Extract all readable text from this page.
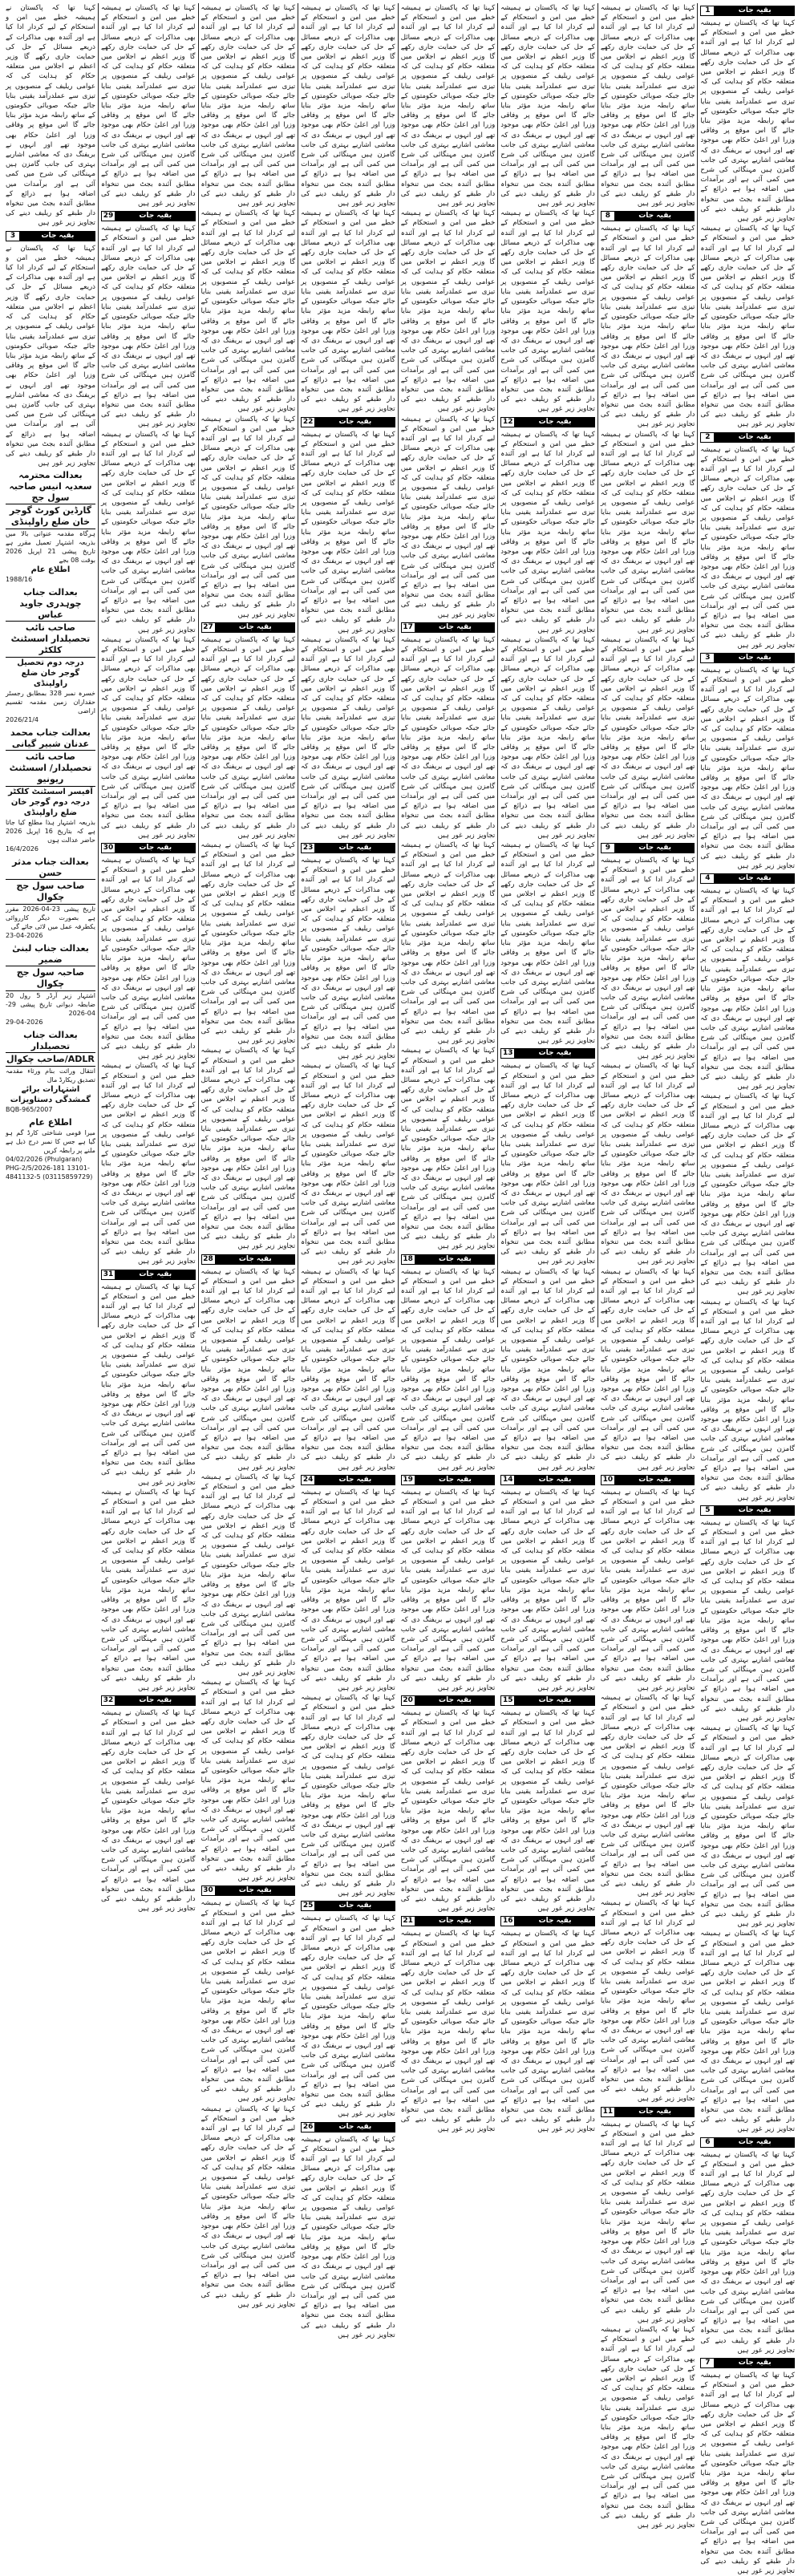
بقیہ جات
1
کہنا تھا کہ پاکستان نے ہمیشہ خطے میں امن و استحکام کے لیے کردار ادا کیا ہے اور آئندہ بھی مذاکرات کے ذریعے مسائل کے حل کی حمایت جاری رکھے گا وزیر اعظم نے اجلاس میں متعلقہ حکام کو ہدایت کی کہ عوامی ریلیف کے منصوبوں پر تیزی سے عملدرآمد یقینی بنایا جائے جبکہ صوبائی حکومتوں کے ساتھ رابطہ مزید مؤثر بنایا جائے گا اس موقع پر وفاقی وزرا اور اعلیٰ حکام بھی موجود تھے اور انہوں نے بریفنگ دی کہ معاشی اشاریے بہتری کی جانب گامزن ہیں مہنگائی کی شرح میں کمی آئی ہے اور برآمدات میں اضافہ ہوا ہے ذرائع کے مطابق آئندہ بجٹ میں تنخواہ دار طبقے کو ریلیف دینے کی تجاویز زیر غور ہیں
کہنا تھا کہ پاکستان نے ہمیشہ خطے میں امن و استحکام کے لیے کردار ادا کیا ہے اور آئندہ بھی مذاکرات کے ذریعے مسائل کے حل کی حمایت جاری رکھے گا وزیر اعظم نے اجلاس میں متعلقہ حکام کو ہدایت کی کہ عوامی ریلیف کے منصوبوں پر تیزی سے عملدرآمد یقینی بنایا جائے جبکہ صوبائی حکومتوں کے ساتھ رابطہ مزید مؤثر بنایا جائے گا اس موقع پر وفاقی وزرا اور اعلیٰ حکام بھی موجود تھے اور انہوں نے بریفنگ دی کہ معاشی اشاریے بہتری کی جانب گامزن ہیں مہنگائی کی شرح میں کمی آئی ہے اور برآمدات میں اضافہ ہوا ہے ذرائع کے مطابق آئندہ بجٹ میں تنخواہ دار طبقے کو ریلیف دینے کی تجاویز زیر غور ہیں
بقیہ جات
2
کہنا تھا کہ پاکستان نے ہمیشہ خطے میں امن و استحکام کے لیے کردار ادا کیا ہے اور آئندہ بھی مذاکرات کے ذریعے مسائل کے حل کی حمایت جاری رکھے گا وزیر اعظم نے اجلاس میں متعلقہ حکام کو ہدایت کی کہ عوامی ریلیف کے منصوبوں پر تیزی سے عملدرآمد یقینی بنایا جائے جبکہ صوبائی حکومتوں کے ساتھ رابطہ مزید مؤثر بنایا جائے گا اس موقع پر وفاقی وزرا اور اعلیٰ حکام بھی موجود تھے اور انہوں نے بریفنگ دی کہ معاشی اشاریے بہتری کی جانب گامزن ہیں مہنگائی کی شرح میں کمی آئی ہے اور برآمدات میں اضافہ ہوا ہے ذرائع کے مطابق آئندہ بجٹ میں تنخواہ دار طبقے کو ریلیف دینے کی تجاویز زیر غور ہیں
بقیہ جات
3
کہنا تھا کہ پاکستان نے ہمیشہ خطے میں امن و استحکام کے لیے کردار ادا کیا ہے اور آئندہ بھی مذاکرات کے ذریعے مسائل کے حل کی حمایت جاری رکھے گا وزیر اعظم نے اجلاس میں متعلقہ حکام کو ہدایت کی کہ عوامی ریلیف کے منصوبوں پر تیزی سے عملدرآمد یقینی بنایا جائے جبکہ صوبائی حکومتوں کے ساتھ رابطہ مزید مؤثر بنایا جائے گا اس موقع پر وفاقی وزرا اور اعلیٰ حکام بھی موجود تھے اور انہوں نے بریفنگ دی کہ معاشی اشاریے بہتری کی جانب گامزن ہیں مہنگائی کی شرح میں کمی آئی ہے اور برآمدات میں اضافہ ہوا ہے ذرائع کے مطابق آئندہ بجٹ میں تنخواہ دار طبقے کو ریلیف دینے کی تجاویز زیر غور ہیں
بقیہ جات
4
کہنا تھا کہ پاکستان نے ہمیشہ خطے میں امن و استحکام کے لیے کردار ادا کیا ہے اور آئندہ بھی مذاکرات کے ذریعے مسائل کے حل کی حمایت جاری رکھے گا وزیر اعظم نے اجلاس میں متعلقہ حکام کو ہدایت کی کہ عوامی ریلیف کے منصوبوں پر تیزی سے عملدرآمد یقینی بنایا جائے جبکہ صوبائی حکومتوں کے ساتھ رابطہ مزید مؤثر بنایا جائے گا اس موقع پر وفاقی وزرا اور اعلیٰ حکام بھی موجود تھے اور انہوں نے بریفنگ دی کہ معاشی اشاریے بہتری کی جانب گامزن ہیں مہنگائی کی شرح میں کمی آئی ہے اور برآمدات میں اضافہ ہوا ہے ذرائع کے مطابق آئندہ بجٹ میں تنخواہ دار طبقے کو ریلیف دینے کی تجاویز زیر غور ہیں
کہنا تھا کہ پاکستان نے ہمیشہ خطے میں امن و استحکام کے لیے کردار ادا کیا ہے اور آئندہ بھی مذاکرات کے ذریعے مسائل کے حل کی حمایت جاری رکھے گا وزیر اعظم نے اجلاس میں متعلقہ حکام کو ہدایت کی کہ عوامی ریلیف کے منصوبوں پر تیزی سے عملدرآمد یقینی بنایا جائے جبکہ صوبائی حکومتوں کے ساتھ رابطہ مزید مؤثر بنایا جائے گا اس موقع پر وفاقی وزرا اور اعلیٰ حکام بھی موجود تھے اور انہوں نے بریفنگ دی کہ معاشی اشاریے بہتری کی جانب گامزن ہیں مہنگائی کی شرح میں کمی آئی ہے اور برآمدات میں اضافہ ہوا ہے ذرائع کے مطابق آئندہ بجٹ میں تنخواہ دار طبقے کو ریلیف دینے کی تجاویز زیر غور ہیں
کہنا تھا کہ پاکستان نے ہمیشہ خطے میں امن و استحکام کے لیے کردار ادا کیا ہے اور آئندہ بھی مذاکرات کے ذریعے مسائل کے حل کی حمایت جاری رکھے گا وزیر اعظم نے اجلاس میں متعلقہ حکام کو ہدایت کی کہ عوامی ریلیف کے منصوبوں پر تیزی سے عملدرآمد یقینی بنایا جائے جبکہ صوبائی حکومتوں کے ساتھ رابطہ مزید مؤثر بنایا جائے گا اس موقع پر وفاقی وزرا اور اعلیٰ حکام بھی موجود تھے اور انہوں نے بریفنگ دی کہ معاشی اشاریے بہتری کی جانب گامزن ہیں مہنگائی کی شرح میں کمی آئی ہے اور برآمدات میں اضافہ ہوا ہے ذرائع کے مطابق آئندہ بجٹ میں تنخواہ دار طبقے کو ریلیف دینے کی تجاویز زیر غور ہیں
بقیہ جات
5
کہنا تھا کہ پاکستان نے ہمیشہ خطے میں امن و استحکام کے لیے کردار ادا کیا ہے اور آئندہ بھی مذاکرات کے ذریعے مسائل کے حل کی حمایت جاری رکھے گا وزیر اعظم نے اجلاس میں متعلقہ حکام کو ہدایت کی کہ عوامی ریلیف کے منصوبوں پر تیزی سے عملدرآمد یقینی بنایا جائے جبکہ صوبائی حکومتوں کے ساتھ رابطہ مزید مؤثر بنایا جائے گا اس موقع پر وفاقی وزرا اور اعلیٰ حکام بھی موجود تھے اور انہوں نے بریفنگ دی کہ معاشی اشاریے بہتری کی جانب گامزن ہیں مہنگائی کی شرح میں کمی آئی ہے اور برآمدات میں اضافہ ہوا ہے ذرائع کے مطابق آئندہ بجٹ میں تنخواہ دار طبقے کو ریلیف دینے کی تجاویز زیر غور ہیں
کہنا تھا کہ پاکستان نے ہمیشہ خطے میں امن و استحکام کے لیے کردار ادا کیا ہے اور آئندہ بھی مذاکرات کے ذریعے مسائل کے حل کی حمایت جاری رکھے گا وزیر اعظم نے اجلاس میں متعلقہ حکام کو ہدایت کی کہ عوامی ریلیف کے منصوبوں پر تیزی سے عملدرآمد یقینی بنایا جائے جبکہ صوبائی حکومتوں کے ساتھ رابطہ مزید مؤثر بنایا جائے گا اس موقع پر وفاقی وزرا اور اعلیٰ حکام بھی موجود تھے اور انہوں نے بریفنگ دی کہ معاشی اشاریے بہتری کی جانب گامزن ہیں مہنگائی کی شرح میں کمی آئی ہے اور برآمدات میں اضافہ ہوا ہے ذرائع کے مطابق آئندہ بجٹ میں تنخواہ دار طبقے کو ریلیف دینے کی تجاویز زیر غور ہیں
کہنا تھا کہ پاکستان نے ہمیشہ خطے میں امن و استحکام کے لیے کردار ادا کیا ہے اور آئندہ بھی مذاکرات کے ذریعے مسائل کے حل کی حمایت جاری رکھے گا وزیر اعظم نے اجلاس میں متعلقہ حکام کو ہدایت کی کہ عوامی ریلیف کے منصوبوں پر تیزی سے عملدرآمد یقینی بنایا جائے جبکہ صوبائی حکومتوں کے ساتھ رابطہ مزید مؤثر بنایا جائے گا اس موقع پر وفاقی وزرا اور اعلیٰ حکام بھی موجود تھے اور انہوں نے بریفنگ دی کہ معاشی اشاریے بہتری کی جانب گامزن ہیں مہنگائی کی شرح میں کمی آئی ہے اور برآمدات میں اضافہ ہوا ہے ذرائع کے مطابق آئندہ بجٹ میں تنخواہ دار طبقے کو ریلیف دینے کی تجاویز زیر غور ہیں
بقیہ جات
6
کہنا تھا کہ پاکستان نے ہمیشہ خطے میں امن و استحکام کے لیے کردار ادا کیا ہے اور آئندہ بھی مذاکرات کے ذریعے مسائل کے حل کی حمایت جاری رکھے گا وزیر اعظم نے اجلاس میں متعلقہ حکام کو ہدایت کی کہ عوامی ریلیف کے منصوبوں پر تیزی سے عملدرآمد یقینی بنایا جائے جبکہ صوبائی حکومتوں کے ساتھ رابطہ مزید مؤثر بنایا جائے گا اس موقع پر وفاقی وزرا اور اعلیٰ حکام بھی موجود تھے اور انہوں نے بریفنگ دی کہ معاشی اشاریے بہتری کی جانب گامزن ہیں مہنگائی کی شرح میں کمی آئی ہے اور برآمدات میں اضافہ ہوا ہے ذرائع کے مطابق آئندہ بجٹ میں تنخواہ دار طبقے کو ریلیف دینے کی تجاویز زیر غور ہیں
بقیہ جات
7
کہنا تھا کہ پاکستان نے ہمیشہ خطے میں امن و استحکام کے لیے کردار ادا کیا ہے اور آئندہ بھی مذاکرات کے ذریعے مسائل کے حل کی حمایت جاری رکھے گا وزیر اعظم نے اجلاس میں متعلقہ حکام کو ہدایت کی کہ عوامی ریلیف کے منصوبوں پر تیزی سے عملدرآمد یقینی بنایا جائے جبکہ صوبائی حکومتوں کے ساتھ رابطہ مزید مؤثر بنایا جائے گا اس موقع پر وفاقی وزرا اور اعلیٰ حکام بھی موجود تھے اور انہوں نے بریفنگ دی کہ معاشی اشاریے بہتری کی جانب گامزن ہیں مہنگائی کی شرح میں کمی آئی ہے اور برآمدات میں اضافہ ہوا ہے ذرائع کے مطابق آئندہ بجٹ میں تنخواہ دار طبقے کو ریلیف دینے کی تجاویز زیر غور ہیں
کہنا تھا کہ پاکستان نے ہمیشہ خطے میں امن و استحکام کے لیے کردار ادا کیا ہے اور آئندہ بھی مذاکرات کے ذریعے مسائل کے حل کی حمایت جاری رکھے گا وزیر اعظم نے اجلاس میں متعلقہ حکام کو ہدایت کی کہ عوامی ریلیف کے منصوبوں پر تیزی سے عملدرآمد یقینی بنایا جائے جبکہ صوبائی حکومتوں کے ساتھ رابطہ مزید مؤثر بنایا جائے گا اس موقع پر وفاقی وزرا اور اعلیٰ حکام بھی موجود تھے اور انہوں نے بریفنگ دی کہ معاشی اشاریے بہتری کی جانب گامزن ہیں مہنگائی کی شرح میں کمی آئی ہے اور برآمدات میں اضافہ ہوا ہے ذرائع کے مطابق آئندہ بجٹ میں تنخواہ دار طبقے کو ریلیف دینے کی تجاویز زیر غور ہیں
بقیہ جات
8
کہنا تھا کہ پاکستان نے ہمیشہ خطے میں امن و استحکام کے لیے کردار ادا کیا ہے اور آئندہ بھی مذاکرات کے ذریعے مسائل کے حل کی حمایت جاری رکھے گا وزیر اعظم نے اجلاس میں متعلقہ حکام کو ہدایت کی کہ عوامی ریلیف کے منصوبوں پر تیزی سے عملدرآمد یقینی بنایا جائے جبکہ صوبائی حکومتوں کے ساتھ رابطہ مزید مؤثر بنایا جائے گا اس موقع پر وفاقی وزرا اور اعلیٰ حکام بھی موجود تھے اور انہوں نے بریفنگ دی کہ معاشی اشاریے بہتری کی جانب گامزن ہیں مہنگائی کی شرح میں کمی آئی ہے اور برآمدات میں اضافہ ہوا ہے ذرائع کے مطابق آئندہ بجٹ میں تنخواہ دار طبقے کو ریلیف دینے کی تجاویز زیر غور ہیں
کہنا تھا کہ پاکستان نے ہمیشہ خطے میں امن و استحکام کے لیے کردار ادا کیا ہے اور آئندہ بھی مذاکرات کے ذریعے مسائل کے حل کی حمایت جاری رکھے گا وزیر اعظم نے اجلاس میں متعلقہ حکام کو ہدایت کی کہ عوامی ریلیف کے منصوبوں پر تیزی سے عملدرآمد یقینی بنایا جائے جبکہ صوبائی حکومتوں کے ساتھ رابطہ مزید مؤثر بنایا جائے گا اس موقع پر وفاقی وزرا اور اعلیٰ حکام بھی موجود تھے اور انہوں نے بریفنگ دی کہ معاشی اشاریے بہتری کی جانب گامزن ہیں مہنگائی کی شرح میں کمی آئی ہے اور برآمدات میں اضافہ ہوا ہے ذرائع کے مطابق آئندہ بجٹ میں تنخواہ دار طبقے کو ریلیف دینے کی تجاویز زیر غور ہیں
کہنا تھا کہ پاکستان نے ہمیشہ خطے میں امن و استحکام کے لیے کردار ادا کیا ہے اور آئندہ بھی مذاکرات کے ذریعے مسائل کے حل کی حمایت جاری رکھے گا وزیر اعظم نے اجلاس میں متعلقہ حکام کو ہدایت کی کہ عوامی ریلیف کے منصوبوں پر تیزی سے عملدرآمد یقینی بنایا جائے جبکہ صوبائی حکومتوں کے ساتھ رابطہ مزید مؤثر بنایا جائے گا اس موقع پر وفاقی وزرا اور اعلیٰ حکام بھی موجود تھے اور انہوں نے بریفنگ دی کہ معاشی اشاریے بہتری کی جانب گامزن ہیں مہنگائی کی شرح میں کمی آئی ہے اور برآمدات میں اضافہ ہوا ہے ذرائع کے مطابق آئندہ بجٹ میں تنخواہ دار طبقے کو ریلیف دینے کی تجاویز زیر غور ہیں
بقیہ جات
9
کہنا تھا کہ پاکستان نے ہمیشہ خطے میں امن و استحکام کے لیے کردار ادا کیا ہے اور آئندہ بھی مذاکرات کے ذریعے مسائل کے حل کی حمایت جاری رکھے گا وزیر اعظم نے اجلاس میں متعلقہ حکام کو ہدایت کی کہ عوامی ریلیف کے منصوبوں پر تیزی سے عملدرآمد یقینی بنایا جائے جبکہ صوبائی حکومتوں کے ساتھ رابطہ مزید مؤثر بنایا جائے گا اس موقع پر وفاقی وزرا اور اعلیٰ حکام بھی موجود تھے اور انہوں نے بریفنگ دی کہ معاشی اشاریے بہتری کی جانب گامزن ہیں مہنگائی کی شرح میں کمی آئی ہے اور برآمدات میں اضافہ ہوا ہے ذرائع کے مطابق آئندہ بجٹ میں تنخواہ دار طبقے کو ریلیف دینے کی تجاویز زیر غور ہیں
کہنا تھا کہ پاکستان نے ہمیشہ خطے میں امن و استحکام کے لیے کردار ادا کیا ہے اور آئندہ بھی مذاکرات کے ذریعے مسائل کے حل کی حمایت جاری رکھے گا وزیر اعظم نے اجلاس میں متعلقہ حکام کو ہدایت کی کہ عوامی ریلیف کے منصوبوں پر تیزی سے عملدرآمد یقینی بنایا جائے جبکہ صوبائی حکومتوں کے ساتھ رابطہ مزید مؤثر بنایا جائے گا اس موقع پر وفاقی وزرا اور اعلیٰ حکام بھی موجود تھے اور انہوں نے بریفنگ دی کہ معاشی اشاریے بہتری کی جانب گامزن ہیں مہنگائی کی شرح میں کمی آئی ہے اور برآمدات میں اضافہ ہوا ہے ذرائع کے مطابق آئندہ بجٹ میں تنخواہ دار طبقے کو ریلیف دینے کی تجاویز زیر غور ہیں
کہنا تھا کہ پاکستان نے ہمیشہ خطے میں امن و استحکام کے لیے کردار ادا کیا ہے اور آئندہ بھی مذاکرات کے ذریعے مسائل کے حل کی حمایت جاری رکھے گا وزیر اعظم نے اجلاس میں متعلقہ حکام کو ہدایت کی کہ عوامی ریلیف کے منصوبوں پر تیزی سے عملدرآمد یقینی بنایا جائے جبکہ صوبائی حکومتوں کے ساتھ رابطہ مزید مؤثر بنایا جائے گا اس موقع پر وفاقی وزرا اور اعلیٰ حکام بھی موجود تھے اور انہوں نے بریفنگ دی کہ معاشی اشاریے بہتری کی جانب گامزن ہیں مہنگائی کی شرح میں کمی آئی ہے اور برآمدات میں اضافہ ہوا ہے ذرائع کے مطابق آئندہ بجٹ میں تنخواہ دار طبقے کو ریلیف دینے کی تجاویز زیر غور ہیں
بقیہ جات
10
کہنا تھا کہ پاکستان نے ہمیشہ خطے میں امن و استحکام کے لیے کردار ادا کیا ہے اور آئندہ بھی مذاکرات کے ذریعے مسائل کے حل کی حمایت جاری رکھے گا وزیر اعظم نے اجلاس میں متعلقہ حکام کو ہدایت کی کہ عوامی ریلیف کے منصوبوں پر تیزی سے عملدرآمد یقینی بنایا جائے جبکہ صوبائی حکومتوں کے ساتھ رابطہ مزید مؤثر بنایا جائے گا اس موقع پر وفاقی وزرا اور اعلیٰ حکام بھی موجود تھے اور انہوں نے بریفنگ دی کہ معاشی اشاریے بہتری کی جانب گامزن ہیں مہنگائی کی شرح میں کمی آئی ہے اور برآمدات میں اضافہ ہوا ہے ذرائع کے مطابق آئندہ بجٹ میں تنخواہ دار طبقے کو ریلیف دینے کی تجاویز زیر غور ہیں
کہنا تھا کہ پاکستان نے ہمیشہ خطے میں امن و استحکام کے لیے کردار ادا کیا ہے اور آئندہ بھی مذاکرات کے ذریعے مسائل کے حل کی حمایت جاری رکھے گا وزیر اعظم نے اجلاس میں متعلقہ حکام کو ہدایت کی کہ عوامی ریلیف کے منصوبوں پر تیزی سے عملدرآمد یقینی بنایا جائے جبکہ صوبائی حکومتوں کے ساتھ رابطہ مزید مؤثر بنایا جائے گا اس موقع پر وفاقی وزرا اور اعلیٰ حکام بھی موجود تھے اور انہوں نے بریفنگ دی کہ معاشی اشاریے بہتری کی جانب گامزن ہیں مہنگائی کی شرح میں کمی آئی ہے اور برآمدات میں اضافہ ہوا ہے ذرائع کے مطابق آئندہ بجٹ میں تنخواہ دار طبقے کو ریلیف دینے کی تجاویز زیر غور ہیں
کہنا تھا کہ پاکستان نے ہمیشہ خطے میں امن و استحکام کے لیے کردار ادا کیا ہے اور آئندہ بھی مذاکرات کے ذریعے مسائل کے حل کی حمایت جاری رکھے گا وزیر اعظم نے اجلاس میں متعلقہ حکام کو ہدایت کی کہ عوامی ریلیف کے منصوبوں پر تیزی سے عملدرآمد یقینی بنایا جائے جبکہ صوبائی حکومتوں کے ساتھ رابطہ مزید مؤثر بنایا جائے گا اس موقع پر وفاقی وزرا اور اعلیٰ حکام بھی موجود تھے اور انہوں نے بریفنگ دی کہ معاشی اشاریے بہتری کی جانب گامزن ہیں مہنگائی کی شرح میں کمی آئی ہے اور برآمدات میں اضافہ ہوا ہے ذرائع کے مطابق آئندہ بجٹ میں تنخواہ دار طبقے کو ریلیف دینے کی تجاویز زیر غور ہیں
بقیہ جات
11
کہنا تھا کہ پاکستان نے ہمیشہ خطے میں امن و استحکام کے لیے کردار ادا کیا ہے اور آئندہ بھی مذاکرات کے ذریعے مسائل کے حل کی حمایت جاری رکھے گا وزیر اعظم نے اجلاس میں متعلقہ حکام کو ہدایت کی کہ عوامی ریلیف کے منصوبوں پر تیزی سے عملدرآمد یقینی بنایا جائے جبکہ صوبائی حکومتوں کے ساتھ رابطہ مزید مؤثر بنایا جائے گا اس موقع پر وفاقی وزرا اور اعلیٰ حکام بھی موجود تھے اور انہوں نے بریفنگ دی کہ معاشی اشاریے بہتری کی جانب گامزن ہیں مہنگائی کی شرح میں کمی آئی ہے اور برآمدات میں اضافہ ہوا ہے ذرائع کے مطابق آئندہ بجٹ میں تنخواہ دار طبقے کو ریلیف دینے کی تجاویز زیر غور ہیں
کہنا تھا کہ پاکستان نے ہمیشہ خطے میں امن و استحکام کے لیے کردار ادا کیا ہے اور آئندہ بھی مذاکرات کے ذریعے مسائل کے حل کی حمایت جاری رکھے گا وزیر اعظم نے اجلاس میں متعلقہ حکام کو ہدایت کی کہ عوامی ریلیف کے منصوبوں پر تیزی سے عملدرآمد یقینی بنایا جائے جبکہ صوبائی حکومتوں کے ساتھ رابطہ مزید مؤثر بنایا جائے گا اس موقع پر وفاقی وزرا اور اعلیٰ حکام بھی موجود تھے اور انہوں نے بریفنگ دی کہ معاشی اشاریے بہتری کی جانب گامزن ہیں مہنگائی کی شرح میں کمی آئی ہے اور برآمدات میں اضافہ ہوا ہے ذرائع کے مطابق آئندہ بجٹ میں تنخواہ دار طبقے کو ریلیف دینے کی تجاویز زیر غور ہیں
کہنا تھا کہ پاکستان نے ہمیشہ خطے میں امن و استحکام کے لیے کردار ادا کیا ہے اور آئندہ بھی مذاکرات کے ذریعے مسائل کے حل کی حمایت جاری رکھے گا وزیر اعظم نے اجلاس میں متعلقہ حکام کو ہدایت کی کہ عوامی ریلیف کے منصوبوں پر تیزی سے عملدرآمد یقینی بنایا جائے جبکہ صوبائی حکومتوں کے ساتھ رابطہ مزید مؤثر بنایا جائے گا اس موقع پر وفاقی وزرا اور اعلیٰ حکام بھی موجود تھے اور انہوں نے بریفنگ دی کہ معاشی اشاریے بہتری کی جانب گامزن ہیں مہنگائی کی شرح میں کمی آئی ہے اور برآمدات میں اضافہ ہوا ہے ذرائع کے مطابق آئندہ بجٹ میں تنخواہ دار طبقے کو ریلیف دینے کی تجاویز زیر غور ہیں
کہنا تھا کہ پاکستان نے ہمیشہ خطے میں امن و استحکام کے لیے کردار ادا کیا ہے اور آئندہ بھی مذاکرات کے ذریعے مسائل کے حل کی حمایت جاری رکھے گا وزیر اعظم نے اجلاس میں متعلقہ حکام کو ہدایت کی کہ عوامی ریلیف کے منصوبوں پر تیزی سے عملدرآمد یقینی بنایا جائے جبکہ صوبائی حکومتوں کے ساتھ رابطہ مزید مؤثر بنایا جائے گا اس موقع پر وفاقی وزرا اور اعلیٰ حکام بھی موجود تھے اور انہوں نے بریفنگ دی کہ معاشی اشاریے بہتری کی جانب گامزن ہیں مہنگائی کی شرح میں کمی آئی ہے اور برآمدات میں اضافہ ہوا ہے ذرائع کے مطابق آئندہ بجٹ میں تنخواہ دار طبقے کو ریلیف دینے کی تجاویز زیر غور ہیں
بقیہ جات
12
کہنا تھا کہ پاکستان نے ہمیشہ خطے میں امن و استحکام کے لیے کردار ادا کیا ہے اور آئندہ بھی مذاکرات کے ذریعے مسائل کے حل کی حمایت جاری رکھے گا وزیر اعظم نے اجلاس میں متعلقہ حکام کو ہدایت کی کہ عوامی ریلیف کے منصوبوں پر تیزی سے عملدرآمد یقینی بنایا جائے جبکہ صوبائی حکومتوں کے ساتھ رابطہ مزید مؤثر بنایا جائے گا اس موقع پر وفاقی وزرا اور اعلیٰ حکام بھی موجود تھے اور انہوں نے بریفنگ دی کہ معاشی اشاریے بہتری کی جانب گامزن ہیں مہنگائی کی شرح میں کمی آئی ہے اور برآمدات میں اضافہ ہوا ہے ذرائع کے مطابق آئندہ بجٹ میں تنخواہ دار طبقے کو ریلیف دینے کی تجاویز زیر غور ہیں
کہنا تھا کہ پاکستان نے ہمیشہ خطے میں امن و استحکام کے لیے کردار ادا کیا ہے اور آئندہ بھی مذاکرات کے ذریعے مسائل کے حل کی حمایت جاری رکھے گا وزیر اعظم نے اجلاس میں متعلقہ حکام کو ہدایت کی کہ عوامی ریلیف کے منصوبوں پر تیزی سے عملدرآمد یقینی بنایا جائے جبکہ صوبائی حکومتوں کے ساتھ رابطہ مزید مؤثر بنایا جائے گا اس موقع پر وفاقی وزرا اور اعلیٰ حکام بھی موجود تھے اور انہوں نے بریفنگ دی کہ معاشی اشاریے بہتری کی جانب گامزن ہیں مہنگائی کی شرح میں کمی آئی ہے اور برآمدات میں اضافہ ہوا ہے ذرائع کے مطابق آئندہ بجٹ میں تنخواہ دار طبقے کو ریلیف دینے کی تجاویز زیر غور ہیں
کہنا تھا کہ پاکستان نے ہمیشہ خطے میں امن و استحکام کے لیے کردار ادا کیا ہے اور آئندہ بھی مذاکرات کے ذریعے مسائل کے حل کی حمایت جاری رکھے گا وزیر اعظم نے اجلاس میں متعلقہ حکام کو ہدایت کی کہ عوامی ریلیف کے منصوبوں پر تیزی سے عملدرآمد یقینی بنایا جائے جبکہ صوبائی حکومتوں کے ساتھ رابطہ مزید مؤثر بنایا جائے گا اس موقع پر وفاقی وزرا اور اعلیٰ حکام بھی موجود تھے اور انہوں نے بریفنگ دی کہ معاشی اشاریے بہتری کی جانب گامزن ہیں مہنگائی کی شرح میں کمی آئی ہے اور برآمدات میں اضافہ ہوا ہے ذرائع کے مطابق آئندہ بجٹ میں تنخواہ دار طبقے کو ریلیف دینے کی تجاویز زیر غور ہیں
بقیہ جات
13
کہنا تھا کہ پاکستان نے ہمیشہ خطے میں امن و استحکام کے لیے کردار ادا کیا ہے اور آئندہ بھی مذاکرات کے ذریعے مسائل کے حل کی حمایت جاری رکھے گا وزیر اعظم نے اجلاس میں متعلقہ حکام کو ہدایت کی کہ عوامی ریلیف کے منصوبوں پر تیزی سے عملدرآمد یقینی بنایا جائے جبکہ صوبائی حکومتوں کے ساتھ رابطہ مزید مؤثر بنایا جائے گا اس موقع پر وفاقی وزرا اور اعلیٰ حکام بھی موجود تھے اور انہوں نے بریفنگ دی کہ معاشی اشاریے بہتری کی جانب گامزن ہیں مہنگائی کی شرح میں کمی آئی ہے اور برآمدات میں اضافہ ہوا ہے ذرائع کے مطابق آئندہ بجٹ میں تنخواہ دار طبقے کو ریلیف دینے کی تجاویز زیر غور ہیں
کہنا تھا کہ پاکستان نے ہمیشہ خطے میں امن و استحکام کے لیے کردار ادا کیا ہے اور آئندہ بھی مذاکرات کے ذریعے مسائل کے حل کی حمایت جاری رکھے گا وزیر اعظم نے اجلاس میں متعلقہ حکام کو ہدایت کی کہ عوامی ریلیف کے منصوبوں پر تیزی سے عملدرآمد یقینی بنایا جائے جبکہ صوبائی حکومتوں کے ساتھ رابطہ مزید مؤثر بنایا جائے گا اس موقع پر وفاقی وزرا اور اعلیٰ حکام بھی موجود تھے اور انہوں نے بریفنگ دی کہ معاشی اشاریے بہتری کی جانب گامزن ہیں مہنگائی کی شرح میں کمی آئی ہے اور برآمدات میں اضافہ ہوا ہے ذرائع کے مطابق آئندہ بجٹ میں تنخواہ دار طبقے کو ریلیف دینے کی تجاویز زیر غور ہیں
بقیہ جات
14
کہنا تھا کہ پاکستان نے ہمیشہ خطے میں امن و استحکام کے لیے کردار ادا کیا ہے اور آئندہ بھی مذاکرات کے ذریعے مسائل کے حل کی حمایت جاری رکھے گا وزیر اعظم نے اجلاس میں متعلقہ حکام کو ہدایت کی کہ عوامی ریلیف کے منصوبوں پر تیزی سے عملدرآمد یقینی بنایا جائے جبکہ صوبائی حکومتوں کے ساتھ رابطہ مزید مؤثر بنایا جائے گا اس موقع پر وفاقی وزرا اور اعلیٰ حکام بھی موجود تھے اور انہوں نے بریفنگ دی کہ معاشی اشاریے بہتری کی جانب گامزن ہیں مہنگائی کی شرح میں کمی آئی ہے اور برآمدات میں اضافہ ہوا ہے ذرائع کے مطابق آئندہ بجٹ میں تنخواہ دار طبقے کو ریلیف دینے کی تجاویز زیر غور ہیں
بقیہ جات
15
کہنا تھا کہ پاکستان نے ہمیشہ خطے میں امن و استحکام کے لیے کردار ادا کیا ہے اور آئندہ بھی مذاکرات کے ذریعے مسائل کے حل کی حمایت جاری رکھے گا وزیر اعظم نے اجلاس میں متعلقہ حکام کو ہدایت کی کہ عوامی ریلیف کے منصوبوں پر تیزی سے عملدرآمد یقینی بنایا جائے جبکہ صوبائی حکومتوں کے ساتھ رابطہ مزید مؤثر بنایا جائے گا اس موقع پر وفاقی وزرا اور اعلیٰ حکام بھی موجود تھے اور انہوں نے بریفنگ دی کہ معاشی اشاریے بہتری کی جانب گامزن ہیں مہنگائی کی شرح میں کمی آئی ہے اور برآمدات میں اضافہ ہوا ہے ذرائع کے مطابق آئندہ بجٹ میں تنخواہ دار طبقے کو ریلیف دینے کی تجاویز زیر غور ہیں
بقیہ جات
16
کہنا تھا کہ پاکستان نے ہمیشہ خطے میں امن و استحکام کے لیے کردار ادا کیا ہے اور آئندہ بھی مذاکرات کے ذریعے مسائل کے حل کی حمایت جاری رکھے گا وزیر اعظم نے اجلاس میں متعلقہ حکام کو ہدایت کی کہ عوامی ریلیف کے منصوبوں پر تیزی سے عملدرآمد یقینی بنایا جائے جبکہ صوبائی حکومتوں کے ساتھ رابطہ مزید مؤثر بنایا جائے گا اس موقع پر وفاقی وزرا اور اعلیٰ حکام بھی موجود تھے اور انہوں نے بریفنگ دی کہ معاشی اشاریے بہتری کی جانب گامزن ہیں مہنگائی کی شرح میں کمی آئی ہے اور برآمدات میں اضافہ ہوا ہے ذرائع کے مطابق آئندہ بجٹ میں تنخواہ دار طبقے کو ریلیف دینے کی تجاویز زیر غور ہیں
کہنا تھا کہ پاکستان نے ہمیشہ خطے میں امن و استحکام کے لیے کردار ادا کیا ہے اور آئندہ بھی مذاکرات کے ذریعے مسائل کے حل کی حمایت جاری رکھے گا وزیر اعظم نے اجلاس میں متعلقہ حکام کو ہدایت کی کہ عوامی ریلیف کے منصوبوں پر تیزی سے عملدرآمد یقینی بنایا جائے جبکہ صوبائی حکومتوں کے ساتھ رابطہ مزید مؤثر بنایا جائے گا اس موقع پر وفاقی وزرا اور اعلیٰ حکام بھی موجود تھے اور انہوں نے بریفنگ دی کہ معاشی اشاریے بہتری کی جانب گامزن ہیں مہنگائی کی شرح میں کمی آئی ہے اور برآمدات میں اضافہ ہوا ہے ذرائع کے مطابق آئندہ بجٹ میں تنخواہ دار طبقے کو ریلیف دینے کی تجاویز زیر غور ہیں
کہنا تھا کہ پاکستان نے ہمیشہ خطے میں امن و استحکام کے لیے کردار ادا کیا ہے اور آئندہ بھی مذاکرات کے ذریعے مسائل کے حل کی حمایت جاری رکھے گا وزیر اعظم نے اجلاس میں متعلقہ حکام کو ہدایت کی کہ عوامی ریلیف کے منصوبوں پر تیزی سے عملدرآمد یقینی بنایا جائے جبکہ صوبائی حکومتوں کے ساتھ رابطہ مزید مؤثر بنایا جائے گا اس موقع پر وفاقی وزرا اور اعلیٰ حکام بھی موجود تھے اور انہوں نے بریفنگ دی کہ معاشی اشاریے بہتری کی جانب گامزن ہیں مہنگائی کی شرح میں کمی آئی ہے اور برآمدات میں اضافہ ہوا ہے ذرائع کے مطابق آئندہ بجٹ میں تنخواہ دار طبقے کو ریلیف دینے کی تجاویز زیر غور ہیں
کہنا تھا کہ پاکستان نے ہمیشہ خطے میں امن و استحکام کے لیے کردار ادا کیا ہے اور آئندہ بھی مذاکرات کے ذریعے مسائل کے حل کی حمایت جاری رکھے گا وزیر اعظم نے اجلاس میں متعلقہ حکام کو ہدایت کی کہ عوامی ریلیف کے منصوبوں پر تیزی سے عملدرآمد یقینی بنایا جائے جبکہ صوبائی حکومتوں کے ساتھ رابطہ مزید مؤثر بنایا جائے گا اس موقع پر وفاقی وزرا اور اعلیٰ حکام بھی موجود تھے اور انہوں نے بریفنگ دی کہ معاشی اشاریے بہتری کی جانب گامزن ہیں مہنگائی کی شرح میں کمی آئی ہے اور برآمدات میں اضافہ ہوا ہے ذرائع کے مطابق آئندہ بجٹ میں تنخواہ دار طبقے کو ریلیف دینے کی تجاویز زیر غور ہیں
بقیہ جات
17
کہنا تھا کہ پاکستان نے ہمیشہ خطے میں امن و استحکام کے لیے کردار ادا کیا ہے اور آئندہ بھی مذاکرات کے ذریعے مسائل کے حل کی حمایت جاری رکھے گا وزیر اعظم نے اجلاس میں متعلقہ حکام کو ہدایت کی کہ عوامی ریلیف کے منصوبوں پر تیزی سے عملدرآمد یقینی بنایا جائے جبکہ صوبائی حکومتوں کے ساتھ رابطہ مزید مؤثر بنایا جائے گا اس موقع پر وفاقی وزرا اور اعلیٰ حکام بھی موجود تھے اور انہوں نے بریفنگ دی کہ معاشی اشاریے بہتری کی جانب گامزن ہیں مہنگائی کی شرح میں کمی آئی ہے اور برآمدات میں اضافہ ہوا ہے ذرائع کے مطابق آئندہ بجٹ میں تنخواہ دار طبقے کو ریلیف دینے کی تجاویز زیر غور ہیں
کہنا تھا کہ پاکستان نے ہمیشہ خطے میں امن و استحکام کے لیے کردار ادا کیا ہے اور آئندہ بھی مذاکرات کے ذریعے مسائل کے حل کی حمایت جاری رکھے گا وزیر اعظم نے اجلاس میں متعلقہ حکام کو ہدایت کی کہ عوامی ریلیف کے منصوبوں پر تیزی سے عملدرآمد یقینی بنایا جائے جبکہ صوبائی حکومتوں کے ساتھ رابطہ مزید مؤثر بنایا جائے گا اس موقع پر وفاقی وزرا اور اعلیٰ حکام بھی موجود تھے اور انہوں نے بریفنگ دی کہ معاشی اشاریے بہتری کی جانب گامزن ہیں مہنگائی کی شرح میں کمی آئی ہے اور برآمدات میں اضافہ ہوا ہے ذرائع کے مطابق آئندہ بجٹ میں تنخواہ دار طبقے کو ریلیف دینے کی تجاویز زیر غور ہیں
کہنا تھا کہ پاکستان نے ہمیشہ خطے میں امن و استحکام کے لیے کردار ادا کیا ہے اور آئندہ بھی مذاکرات کے ذریعے مسائل کے حل کی حمایت جاری رکھے گا وزیر اعظم نے اجلاس میں متعلقہ حکام کو ہدایت کی کہ عوامی ریلیف کے منصوبوں پر تیزی سے عملدرآمد یقینی بنایا جائے جبکہ صوبائی حکومتوں کے ساتھ رابطہ مزید مؤثر بنایا جائے گا اس موقع پر وفاقی وزرا اور اعلیٰ حکام بھی موجود تھے اور انہوں نے بریفنگ دی کہ معاشی اشاریے بہتری کی جانب گامزن ہیں مہنگائی کی شرح میں کمی آئی ہے اور برآمدات میں اضافہ ہوا ہے ذرائع کے مطابق آئندہ بجٹ میں تنخواہ دار طبقے کو ریلیف دینے کی تجاویز زیر غور ہیں
بقیہ جات
18
کہنا تھا کہ پاکستان نے ہمیشہ خطے میں امن و استحکام کے لیے کردار ادا کیا ہے اور آئندہ بھی مذاکرات کے ذریعے مسائل کے حل کی حمایت جاری رکھے گا وزیر اعظم نے اجلاس میں متعلقہ حکام کو ہدایت کی کہ عوامی ریلیف کے منصوبوں پر تیزی سے عملدرآمد یقینی بنایا جائے جبکہ صوبائی حکومتوں کے ساتھ رابطہ مزید مؤثر بنایا جائے گا اس موقع پر وفاقی وزرا اور اعلیٰ حکام بھی موجود تھے اور انہوں نے بریفنگ دی کہ معاشی اشاریے بہتری کی جانب گامزن ہیں مہنگائی کی شرح میں کمی آئی ہے اور برآمدات میں اضافہ ہوا ہے ذرائع کے مطابق آئندہ بجٹ میں تنخواہ دار طبقے کو ریلیف دینے کی تجاویز زیر غور ہیں
بقیہ جات
19
کہنا تھا کہ پاکستان نے ہمیشہ خطے میں امن و استحکام کے لیے کردار ادا کیا ہے اور آئندہ بھی مذاکرات کے ذریعے مسائل کے حل کی حمایت جاری رکھے گا وزیر اعظم نے اجلاس میں متعلقہ حکام کو ہدایت کی کہ عوامی ریلیف کے منصوبوں پر تیزی سے عملدرآمد یقینی بنایا جائے جبکہ صوبائی حکومتوں کے ساتھ رابطہ مزید مؤثر بنایا جائے گا اس موقع پر وفاقی وزرا اور اعلیٰ حکام بھی موجود تھے اور انہوں نے بریفنگ دی کہ معاشی اشاریے بہتری کی جانب گامزن ہیں مہنگائی کی شرح میں کمی آئی ہے اور برآمدات میں اضافہ ہوا ہے ذرائع کے مطابق آئندہ بجٹ میں تنخواہ دار طبقے کو ریلیف دینے کی تجاویز زیر غور ہیں
بقیہ جات
20
کہنا تھا کہ پاکستان نے ہمیشہ خطے میں امن و استحکام کے لیے کردار ادا کیا ہے اور آئندہ بھی مذاکرات کے ذریعے مسائل کے حل کی حمایت جاری رکھے گا وزیر اعظم نے اجلاس میں متعلقہ حکام کو ہدایت کی کہ عوامی ریلیف کے منصوبوں پر تیزی سے عملدرآمد یقینی بنایا جائے جبکہ صوبائی حکومتوں کے ساتھ رابطہ مزید مؤثر بنایا جائے گا اس موقع پر وفاقی وزرا اور اعلیٰ حکام بھی موجود تھے اور انہوں نے بریفنگ دی کہ معاشی اشاریے بہتری کی جانب گامزن ہیں مہنگائی کی شرح میں کمی آئی ہے اور برآمدات میں اضافہ ہوا ہے ذرائع کے مطابق آئندہ بجٹ میں تنخواہ دار طبقے کو ریلیف دینے کی تجاویز زیر غور ہیں
بقیہ جات
21
کہنا تھا کہ پاکستان نے ہمیشہ خطے میں امن و استحکام کے لیے کردار ادا کیا ہے اور آئندہ بھی مذاکرات کے ذریعے مسائل کے حل کی حمایت جاری رکھے گا وزیر اعظم نے اجلاس میں متعلقہ حکام کو ہدایت کی کہ عوامی ریلیف کے منصوبوں پر تیزی سے عملدرآمد یقینی بنایا جائے جبکہ صوبائی حکومتوں کے ساتھ رابطہ مزید مؤثر بنایا جائے گا اس موقع پر وفاقی وزرا اور اعلیٰ حکام بھی موجود تھے اور انہوں نے بریفنگ دی کہ معاشی اشاریے بہتری کی جانب گامزن ہیں مہنگائی کی شرح میں کمی آئی ہے اور برآمدات میں اضافہ ہوا ہے ذرائع کے مطابق آئندہ بجٹ میں تنخواہ دار طبقے کو ریلیف دینے کی تجاویز زیر غور ہیں
کہنا تھا کہ پاکستان نے ہمیشہ خطے میں امن و استحکام کے لیے کردار ادا کیا ہے اور آئندہ بھی مذاکرات کے ذریعے مسائل کے حل کی حمایت جاری رکھے گا وزیر اعظم نے اجلاس میں متعلقہ حکام کو ہدایت کی کہ عوامی ریلیف کے منصوبوں پر تیزی سے عملدرآمد یقینی بنایا جائے جبکہ صوبائی حکومتوں کے ساتھ رابطہ مزید مؤثر بنایا جائے گا اس موقع پر وفاقی وزرا اور اعلیٰ حکام بھی موجود تھے اور انہوں نے بریفنگ دی کہ معاشی اشاریے بہتری کی جانب گامزن ہیں مہنگائی کی شرح میں کمی آئی ہے اور برآمدات میں اضافہ ہوا ہے ذرائع کے مطابق آئندہ بجٹ میں تنخواہ دار طبقے کو ریلیف دینے کی تجاویز زیر غور ہیں
کہنا تھا کہ پاکستان نے ہمیشہ خطے میں امن و استحکام کے لیے کردار ادا کیا ہے اور آئندہ بھی مذاکرات کے ذریعے مسائل کے حل کی حمایت جاری رکھے گا وزیر اعظم نے اجلاس میں متعلقہ حکام کو ہدایت کی کہ عوامی ریلیف کے منصوبوں پر تیزی سے عملدرآمد یقینی بنایا جائے جبکہ صوبائی حکومتوں کے ساتھ رابطہ مزید مؤثر بنایا جائے گا اس موقع پر وفاقی وزرا اور اعلیٰ حکام بھی موجود تھے اور انہوں نے بریفنگ دی کہ معاشی اشاریے بہتری کی جانب گامزن ہیں مہنگائی کی شرح میں کمی آئی ہے اور برآمدات میں اضافہ ہوا ہے ذرائع کے مطابق آئندہ بجٹ میں تنخواہ دار طبقے کو ریلیف دینے کی تجاویز زیر غور ہیں
بقیہ جات
22
کہنا تھا کہ پاکستان نے ہمیشہ خطے میں امن و استحکام کے لیے کردار ادا کیا ہے اور آئندہ بھی مذاکرات کے ذریعے مسائل کے حل کی حمایت جاری رکھے گا وزیر اعظم نے اجلاس میں متعلقہ حکام کو ہدایت کی کہ عوامی ریلیف کے منصوبوں پر تیزی سے عملدرآمد یقینی بنایا جائے جبکہ صوبائی حکومتوں کے ساتھ رابطہ مزید مؤثر بنایا جائے گا اس موقع پر وفاقی وزرا اور اعلیٰ حکام بھی موجود تھے اور انہوں نے بریفنگ دی کہ معاشی اشاریے بہتری کی جانب گامزن ہیں مہنگائی کی شرح میں کمی آئی ہے اور برآمدات میں اضافہ ہوا ہے ذرائع کے مطابق آئندہ بجٹ میں تنخواہ دار طبقے کو ریلیف دینے کی تجاویز زیر غور ہیں
کہنا تھا کہ پاکستان نے ہمیشہ خطے میں امن و استحکام کے لیے کردار ادا کیا ہے اور آئندہ بھی مذاکرات کے ذریعے مسائل کے حل کی حمایت جاری رکھے گا وزیر اعظم نے اجلاس میں متعلقہ حکام کو ہدایت کی کہ عوامی ریلیف کے منصوبوں پر تیزی سے عملدرآمد یقینی بنایا جائے جبکہ صوبائی حکومتوں کے ساتھ رابطہ مزید مؤثر بنایا جائے گا اس موقع پر وفاقی وزرا اور اعلیٰ حکام بھی موجود تھے اور انہوں نے بریفنگ دی کہ معاشی اشاریے بہتری کی جانب گامزن ہیں مہنگائی کی شرح میں کمی آئی ہے اور برآمدات میں اضافہ ہوا ہے ذرائع کے مطابق آئندہ بجٹ میں تنخواہ دار طبقے کو ریلیف دینے کی تجاویز زیر غور ہیں
بقیہ جات
23
کہنا تھا کہ پاکستان نے ہمیشہ خطے میں امن و استحکام کے لیے کردار ادا کیا ہے اور آئندہ بھی مذاکرات کے ذریعے مسائل کے حل کی حمایت جاری رکھے گا وزیر اعظم نے اجلاس میں متعلقہ حکام کو ہدایت کی کہ عوامی ریلیف کے منصوبوں پر تیزی سے عملدرآمد یقینی بنایا جائے جبکہ صوبائی حکومتوں کے ساتھ رابطہ مزید مؤثر بنایا جائے گا اس موقع پر وفاقی وزرا اور اعلیٰ حکام بھی موجود تھے اور انہوں نے بریفنگ دی کہ معاشی اشاریے بہتری کی جانب گامزن ہیں مہنگائی کی شرح میں کمی آئی ہے اور برآمدات میں اضافہ ہوا ہے ذرائع کے مطابق آئندہ بجٹ میں تنخواہ دار طبقے کو ریلیف دینے کی تجاویز زیر غور ہیں
کہنا تھا کہ پاکستان نے ہمیشہ خطے میں امن و استحکام کے لیے کردار ادا کیا ہے اور آئندہ بھی مذاکرات کے ذریعے مسائل کے حل کی حمایت جاری رکھے گا وزیر اعظم نے اجلاس میں متعلقہ حکام کو ہدایت کی کہ عوامی ریلیف کے منصوبوں پر تیزی سے عملدرآمد یقینی بنایا جائے جبکہ صوبائی حکومتوں کے ساتھ رابطہ مزید مؤثر بنایا جائے گا اس موقع پر وفاقی وزرا اور اعلیٰ حکام بھی موجود تھے اور انہوں نے بریفنگ دی کہ معاشی اشاریے بہتری کی جانب گامزن ہیں مہنگائی کی شرح میں کمی آئی ہے اور برآمدات میں اضافہ ہوا ہے ذرائع کے مطابق آئندہ بجٹ میں تنخواہ دار طبقے کو ریلیف دینے کی تجاویز زیر غور ہیں
کہنا تھا کہ پاکستان نے ہمیشہ خطے میں امن و استحکام کے لیے کردار ادا کیا ہے اور آئندہ بھی مذاکرات کے ذریعے مسائل کے حل کی حمایت جاری رکھے گا وزیر اعظم نے اجلاس میں متعلقہ حکام کو ہدایت کی کہ عوامی ریلیف کے منصوبوں پر تیزی سے عملدرآمد یقینی بنایا جائے جبکہ صوبائی حکومتوں کے ساتھ رابطہ مزید مؤثر بنایا جائے گا اس موقع پر وفاقی وزرا اور اعلیٰ حکام بھی موجود تھے اور انہوں نے بریفنگ دی کہ معاشی اشاریے بہتری کی جانب گامزن ہیں مہنگائی کی شرح میں کمی آئی ہے اور برآمدات میں اضافہ ہوا ہے ذرائع کے مطابق آئندہ بجٹ میں تنخواہ دار طبقے کو ریلیف دینے کی تجاویز زیر غور ہیں
بقیہ جات
24
کہنا تھا کہ پاکستان نے ہمیشہ خطے میں امن و استحکام کے لیے کردار ادا کیا ہے اور آئندہ بھی مذاکرات کے ذریعے مسائل کے حل کی حمایت جاری رکھے گا وزیر اعظم نے اجلاس میں متعلقہ حکام کو ہدایت کی کہ عوامی ریلیف کے منصوبوں پر تیزی سے عملدرآمد یقینی بنایا جائے جبکہ صوبائی حکومتوں کے ساتھ رابطہ مزید مؤثر بنایا جائے گا اس موقع پر وفاقی وزرا اور اعلیٰ حکام بھی موجود تھے اور انہوں نے بریفنگ دی کہ معاشی اشاریے بہتری کی جانب گامزن ہیں مہنگائی کی شرح میں کمی آئی ہے اور برآمدات میں اضافہ ہوا ہے ذرائع کے مطابق آئندہ بجٹ میں تنخواہ دار طبقے کو ریلیف دینے کی تجاویز زیر غور ہیں
کہنا تھا کہ پاکستان نے ہمیشہ خطے میں امن و استحکام کے لیے کردار ادا کیا ہے اور آئندہ بھی مذاکرات کے ذریعے مسائل کے حل کی حمایت جاری رکھے گا وزیر اعظم نے اجلاس میں متعلقہ حکام کو ہدایت کی کہ عوامی ریلیف کے منصوبوں پر تیزی سے عملدرآمد یقینی بنایا جائے جبکہ صوبائی حکومتوں کے ساتھ رابطہ مزید مؤثر بنایا جائے گا اس موقع پر وفاقی وزرا اور اعلیٰ حکام بھی موجود تھے اور انہوں نے بریفنگ دی کہ معاشی اشاریے بہتری کی جانب گامزن ہیں مہنگائی کی شرح میں کمی آئی ہے اور برآمدات میں اضافہ ہوا ہے ذرائع کے مطابق آئندہ بجٹ میں تنخواہ دار طبقے کو ریلیف دینے کی تجاویز زیر غور ہیں
بقیہ جات
25
کہنا تھا کہ پاکستان نے ہمیشہ خطے میں امن و استحکام کے لیے کردار ادا کیا ہے اور آئندہ بھی مذاکرات کے ذریعے مسائل کے حل کی حمایت جاری رکھے گا وزیر اعظم نے اجلاس میں متعلقہ حکام کو ہدایت کی کہ عوامی ریلیف کے منصوبوں پر تیزی سے عملدرآمد یقینی بنایا جائے جبکہ صوبائی حکومتوں کے ساتھ رابطہ مزید مؤثر بنایا جائے گا اس موقع پر وفاقی وزرا اور اعلیٰ حکام بھی موجود تھے اور انہوں نے بریفنگ دی کہ معاشی اشاریے بہتری کی جانب گامزن ہیں مہنگائی کی شرح میں کمی آئی ہے اور برآمدات میں اضافہ ہوا ہے ذرائع کے مطابق آئندہ بجٹ میں تنخواہ دار طبقے کو ریلیف دینے کی تجاویز زیر غور ہیں
بقیہ جات
26
کہنا تھا کہ پاکستان نے ہمیشہ خطے میں امن و استحکام کے لیے کردار ادا کیا ہے اور آئندہ بھی مذاکرات کے ذریعے مسائل کے حل کی حمایت جاری رکھے گا وزیر اعظم نے اجلاس میں متعلقہ حکام کو ہدایت کی کہ عوامی ریلیف کے منصوبوں پر تیزی سے عملدرآمد یقینی بنایا جائے جبکہ صوبائی حکومتوں کے ساتھ رابطہ مزید مؤثر بنایا جائے گا اس موقع پر وفاقی وزرا اور اعلیٰ حکام بھی موجود تھے اور انہوں نے بریفنگ دی کہ معاشی اشاریے بہتری کی جانب گامزن ہیں مہنگائی کی شرح میں کمی آئی ہے اور برآمدات میں اضافہ ہوا ہے ذرائع کے مطابق آئندہ بجٹ میں تنخواہ دار طبقے کو ریلیف دینے کی تجاویز زیر غور ہیں
کہنا تھا کہ پاکستان نے ہمیشہ خطے میں امن و استحکام کے لیے کردار ادا کیا ہے اور آئندہ بھی مذاکرات کے ذریعے مسائل کے حل کی حمایت جاری رکھے گا وزیر اعظم نے اجلاس میں متعلقہ حکام کو ہدایت کی کہ عوامی ریلیف کے منصوبوں پر تیزی سے عملدرآمد یقینی بنایا جائے جبکہ صوبائی حکومتوں کے ساتھ رابطہ مزید مؤثر بنایا جائے گا اس موقع پر وفاقی وزرا اور اعلیٰ حکام بھی موجود تھے اور انہوں نے بریفنگ دی کہ معاشی اشاریے بہتری کی جانب گامزن ہیں مہنگائی کی شرح میں کمی آئی ہے اور برآمدات میں اضافہ ہوا ہے ذرائع کے مطابق آئندہ بجٹ میں تنخواہ دار طبقے کو ریلیف دینے کی تجاویز زیر غور ہیں
کہنا تھا کہ پاکستان نے ہمیشہ خطے میں امن و استحکام کے لیے کردار ادا کیا ہے اور آئندہ بھی مذاکرات کے ذریعے مسائل کے حل کی حمایت جاری رکھے گا وزیر اعظم نے اجلاس میں متعلقہ حکام کو ہدایت کی کہ عوامی ریلیف کے منصوبوں پر تیزی سے عملدرآمد یقینی بنایا جائے جبکہ صوبائی حکومتوں کے ساتھ رابطہ مزید مؤثر بنایا جائے گا اس موقع پر وفاقی وزرا اور اعلیٰ حکام بھی موجود تھے اور انہوں نے بریفنگ دی کہ معاشی اشاریے بہتری کی جانب گامزن ہیں مہنگائی کی شرح میں کمی آئی ہے اور برآمدات میں اضافہ ہوا ہے ذرائع کے مطابق آئندہ بجٹ میں تنخواہ دار طبقے کو ریلیف دینے کی تجاویز زیر غور ہیں
کہنا تھا کہ پاکستان نے ہمیشہ خطے میں امن و استحکام کے لیے کردار ادا کیا ہے اور آئندہ بھی مذاکرات کے ذریعے مسائل کے حل کی حمایت جاری رکھے گا وزیر اعظم نے اجلاس میں متعلقہ حکام کو ہدایت کی کہ عوامی ریلیف کے منصوبوں پر تیزی سے عملدرآمد یقینی بنایا جائے جبکہ صوبائی حکومتوں کے ساتھ رابطہ مزید مؤثر بنایا جائے گا اس موقع پر وفاقی وزرا اور اعلیٰ حکام بھی موجود تھے اور انہوں نے بریفنگ دی کہ معاشی اشاریے بہتری کی جانب گامزن ہیں مہنگائی کی شرح میں کمی آئی ہے اور برآمدات میں اضافہ ہوا ہے ذرائع کے مطابق آئندہ بجٹ میں تنخواہ دار طبقے کو ریلیف دینے کی تجاویز زیر غور ہیں
بقیہ جات
27
کہنا تھا کہ پاکستان نے ہمیشہ خطے میں امن و استحکام کے لیے کردار ادا کیا ہے اور آئندہ بھی مذاکرات کے ذریعے مسائل کے حل کی حمایت جاری رکھے گا وزیر اعظم نے اجلاس میں متعلقہ حکام کو ہدایت کی کہ عوامی ریلیف کے منصوبوں پر تیزی سے عملدرآمد یقینی بنایا جائے جبکہ صوبائی حکومتوں کے ساتھ رابطہ مزید مؤثر بنایا جائے گا اس موقع پر وفاقی وزرا اور اعلیٰ حکام بھی موجود تھے اور انہوں نے بریفنگ دی کہ معاشی اشاریے بہتری کی جانب گامزن ہیں مہنگائی کی شرح میں کمی آئی ہے اور برآمدات میں اضافہ ہوا ہے ذرائع کے مطابق آئندہ بجٹ میں تنخواہ دار طبقے کو ریلیف دینے کی تجاویز زیر غور ہیں
کہنا تھا کہ پاکستان نے ہمیشہ خطے میں امن و استحکام کے لیے کردار ادا کیا ہے اور آئندہ بھی مذاکرات کے ذریعے مسائل کے حل کی حمایت جاری رکھے گا وزیر اعظم نے اجلاس میں متعلقہ حکام کو ہدایت کی کہ عوامی ریلیف کے منصوبوں پر تیزی سے عملدرآمد یقینی بنایا جائے جبکہ صوبائی حکومتوں کے ساتھ رابطہ مزید مؤثر بنایا جائے گا اس موقع پر وفاقی وزرا اور اعلیٰ حکام بھی موجود تھے اور انہوں نے بریفنگ دی کہ معاشی اشاریے بہتری کی جانب گامزن ہیں مہنگائی کی شرح میں کمی آئی ہے اور برآمدات میں اضافہ ہوا ہے ذرائع کے مطابق آئندہ بجٹ میں تنخواہ دار طبقے کو ریلیف دینے کی تجاویز زیر غور ہیں
کہنا تھا کہ پاکستان نے ہمیشہ خطے میں امن و استحکام کے لیے کردار ادا کیا ہے اور آئندہ بھی مذاکرات کے ذریعے مسائل کے حل کی حمایت جاری رکھے گا وزیر اعظم نے اجلاس میں متعلقہ حکام کو ہدایت کی کہ عوامی ریلیف کے منصوبوں پر تیزی سے عملدرآمد یقینی بنایا جائے جبکہ صوبائی حکومتوں کے ساتھ رابطہ مزید مؤثر بنایا جائے گا اس موقع پر وفاقی وزرا اور اعلیٰ حکام بھی موجود تھے اور انہوں نے بریفنگ دی کہ معاشی اشاریے بہتری کی جانب گامزن ہیں مہنگائی کی شرح میں کمی آئی ہے اور برآمدات میں اضافہ ہوا ہے ذرائع کے مطابق آئندہ بجٹ میں تنخواہ دار طبقے کو ریلیف دینے کی تجاویز زیر غور ہیں
بقیہ جات
28
کہنا تھا کہ پاکستان نے ہمیشہ خطے میں امن و استحکام کے لیے کردار ادا کیا ہے اور آئندہ بھی مذاکرات کے ذریعے مسائل کے حل کی حمایت جاری رکھے گا وزیر اعظم نے اجلاس میں متعلقہ حکام کو ہدایت کی کہ عوامی ریلیف کے منصوبوں پر تیزی سے عملدرآمد یقینی بنایا جائے جبکہ صوبائی حکومتوں کے ساتھ رابطہ مزید مؤثر بنایا جائے گا اس موقع پر وفاقی وزرا اور اعلیٰ حکام بھی موجود تھے اور انہوں نے بریفنگ دی کہ معاشی اشاریے بہتری کی جانب گامزن ہیں مہنگائی کی شرح میں کمی آئی ہے اور برآمدات میں اضافہ ہوا ہے ذرائع کے مطابق آئندہ بجٹ میں تنخواہ دار طبقے کو ریلیف دینے کی تجاویز زیر غور ہیں
کہنا تھا کہ پاکستان نے ہمیشہ خطے میں امن و استحکام کے لیے کردار ادا کیا ہے اور آئندہ بھی مذاکرات کے ذریعے مسائل کے حل کی حمایت جاری رکھے گا وزیر اعظم نے اجلاس میں متعلقہ حکام کو ہدایت کی کہ عوامی ریلیف کے منصوبوں پر تیزی سے عملدرآمد یقینی بنایا جائے جبکہ صوبائی حکومتوں کے ساتھ رابطہ مزید مؤثر بنایا جائے گا اس موقع پر وفاقی وزرا اور اعلیٰ حکام بھی موجود تھے اور انہوں نے بریفنگ دی کہ معاشی اشاریے بہتری کی جانب گامزن ہیں مہنگائی کی شرح میں کمی آئی ہے اور برآمدات میں اضافہ ہوا ہے ذرائع کے مطابق آئندہ بجٹ میں تنخواہ دار طبقے کو ریلیف دینے کی تجاویز زیر غور ہیں
کہنا تھا کہ پاکستان نے ہمیشہ خطے میں امن و استحکام کے لیے کردار ادا کیا ہے اور آئندہ بھی مذاکرات کے ذریعے مسائل کے حل کی حمایت جاری رکھے گا وزیر اعظم نے اجلاس میں متعلقہ حکام کو ہدایت کی کہ عوامی ریلیف کے منصوبوں پر تیزی سے عملدرآمد یقینی بنایا جائے جبکہ صوبائی حکومتوں کے ساتھ رابطہ مزید مؤثر بنایا جائے گا اس موقع پر وفاقی وزرا اور اعلیٰ حکام بھی موجود تھے اور انہوں نے بریفنگ دی کہ معاشی اشاریے بہتری کی جانب گامزن ہیں مہنگائی کی شرح میں کمی آئی ہے اور برآمدات میں اضافہ ہوا ہے ذرائع کے مطابق آئندہ بجٹ میں تنخواہ دار طبقے کو ریلیف دینے کی تجاویز زیر غور ہیں
بقیہ جات
30
کہنا تھا کہ پاکستان نے ہمیشہ خطے میں امن و استحکام کے لیے کردار ادا کیا ہے اور آئندہ بھی مذاکرات کے ذریعے مسائل کے حل کی حمایت جاری رکھے گا وزیر اعظم نے اجلاس میں متعلقہ حکام کو ہدایت کی کہ عوامی ریلیف کے منصوبوں پر تیزی سے عملدرآمد یقینی بنایا جائے جبکہ صوبائی حکومتوں کے ساتھ رابطہ مزید مؤثر بنایا جائے گا اس موقع پر وفاقی وزرا اور اعلیٰ حکام بھی موجود تھے اور انہوں نے بریفنگ دی کہ معاشی اشاریے بہتری کی جانب گامزن ہیں مہنگائی کی شرح میں کمی آئی ہے اور برآمدات میں اضافہ ہوا ہے ذرائع کے مطابق آئندہ بجٹ میں تنخواہ دار طبقے کو ریلیف دینے کی تجاویز زیر غور ہیں
کہنا تھا کہ پاکستان نے ہمیشہ خطے میں امن و استحکام کے لیے کردار ادا کیا ہے اور آئندہ بھی مذاکرات کے ذریعے مسائل کے حل کی حمایت جاری رکھے گا وزیر اعظم نے اجلاس میں متعلقہ حکام کو ہدایت کی کہ عوامی ریلیف کے منصوبوں پر تیزی سے عملدرآمد یقینی بنایا جائے جبکہ صوبائی حکومتوں کے ساتھ رابطہ مزید مؤثر بنایا جائے گا اس موقع پر وفاقی وزرا اور اعلیٰ حکام بھی موجود تھے اور انہوں نے بریفنگ دی کہ معاشی اشاریے بہتری کی جانب گامزن ہیں مہنگائی کی شرح میں کمی آئی ہے اور برآمدات میں اضافہ ہوا ہے ذرائع کے مطابق آئندہ بجٹ میں تنخواہ دار طبقے کو ریلیف دینے کی تجاویز زیر غور ہیں
کہنا تھا کہ پاکستان نے ہمیشہ خطے میں امن و استحکام کے لیے کردار ادا کیا ہے اور آئندہ بھی مذاکرات کے ذریعے مسائل کے حل کی حمایت جاری رکھے گا وزیر اعظم نے اجلاس میں متعلقہ حکام کو ہدایت کی کہ عوامی ریلیف کے منصوبوں پر تیزی سے عملدرآمد یقینی بنایا جائے جبکہ صوبائی حکومتوں کے ساتھ رابطہ مزید مؤثر بنایا جائے گا اس موقع پر وفاقی وزرا اور اعلیٰ حکام بھی موجود تھے اور انہوں نے بریفنگ دی کہ معاشی اشاریے بہتری کی جانب گامزن ہیں مہنگائی کی شرح میں کمی آئی ہے اور برآمدات میں اضافہ ہوا ہے ذرائع کے مطابق آئندہ بجٹ میں تنخواہ دار طبقے کو ریلیف دینے کی تجاویز زیر غور ہیں
بقیہ جات
29
کہنا تھا کہ پاکستان نے ہمیشہ خطے میں امن و استحکام کے لیے کردار ادا کیا ہے اور آئندہ بھی مذاکرات کے ذریعے مسائل کے حل کی حمایت جاری رکھے گا وزیر اعظم نے اجلاس میں متعلقہ حکام کو ہدایت کی کہ عوامی ریلیف کے منصوبوں پر تیزی سے عملدرآمد یقینی بنایا جائے جبکہ صوبائی حکومتوں کے ساتھ رابطہ مزید مؤثر بنایا جائے گا اس موقع پر وفاقی وزرا اور اعلیٰ حکام بھی موجود تھے اور انہوں نے بریفنگ دی کہ معاشی اشاریے بہتری کی جانب گامزن ہیں مہنگائی کی شرح میں کمی آئی ہے اور برآمدات میں اضافہ ہوا ہے ذرائع کے مطابق آئندہ بجٹ میں تنخواہ دار طبقے کو ریلیف دینے کی تجاویز زیر غور ہیں
کہنا تھا کہ پاکستان نے ہمیشہ خطے میں امن و استحکام کے لیے کردار ادا کیا ہے اور آئندہ بھی مذاکرات کے ذریعے مسائل کے حل کی حمایت جاری رکھے گا وزیر اعظم نے اجلاس میں متعلقہ حکام کو ہدایت کی کہ عوامی ریلیف کے منصوبوں پر تیزی سے عملدرآمد یقینی بنایا جائے جبکہ صوبائی حکومتوں کے ساتھ رابطہ مزید مؤثر بنایا جائے گا اس موقع پر وفاقی وزرا اور اعلیٰ حکام بھی موجود تھے اور انہوں نے بریفنگ دی کہ معاشی اشاریے بہتری کی جانب گامزن ہیں مہنگائی کی شرح میں کمی آئی ہے اور برآمدات میں اضافہ ہوا ہے ذرائع کے مطابق آئندہ بجٹ میں تنخواہ دار طبقے کو ریلیف دینے کی تجاویز زیر غور ہیں
کہنا تھا کہ پاکستان نے ہمیشہ خطے میں امن و استحکام کے لیے کردار ادا کیا ہے اور آئندہ بھی مذاکرات کے ذریعے مسائل کے حل کی حمایت جاری رکھے گا وزیر اعظم نے اجلاس میں متعلقہ حکام کو ہدایت کی کہ عوامی ریلیف کے منصوبوں پر تیزی سے عملدرآمد یقینی بنایا جائے جبکہ صوبائی حکومتوں کے ساتھ رابطہ مزید مؤثر بنایا جائے گا اس موقع پر وفاقی وزرا اور اعلیٰ حکام بھی موجود تھے اور انہوں نے بریفنگ دی کہ معاشی اشاریے بہتری کی جانب گامزن ہیں مہنگائی کی شرح میں کمی آئی ہے اور برآمدات میں اضافہ ہوا ہے ذرائع کے مطابق آئندہ بجٹ میں تنخواہ دار طبقے کو ریلیف دینے کی تجاویز زیر غور ہیں
بقیہ جات
30
کہنا تھا کہ پاکستان نے ہمیشہ خطے میں امن و استحکام کے لیے کردار ادا کیا ہے اور آئندہ بھی مذاکرات کے ذریعے مسائل کے حل کی حمایت جاری رکھے گا وزیر اعظم نے اجلاس میں متعلقہ حکام کو ہدایت کی کہ عوامی ریلیف کے منصوبوں پر تیزی سے عملدرآمد یقینی بنایا جائے جبکہ صوبائی حکومتوں کے ساتھ رابطہ مزید مؤثر بنایا جائے گا اس موقع پر وفاقی وزرا اور اعلیٰ حکام بھی موجود تھے اور انہوں نے بریفنگ دی کہ معاشی اشاریے بہتری کی جانب گامزن ہیں مہنگائی کی شرح میں کمی آئی ہے اور برآمدات میں اضافہ ہوا ہے ذرائع کے مطابق آئندہ بجٹ میں تنخواہ دار طبقے کو ریلیف دینے کی تجاویز زیر غور ہیں
کہنا تھا کہ پاکستان نے ہمیشہ خطے میں امن و استحکام کے لیے کردار ادا کیا ہے اور آئندہ بھی مذاکرات کے ذریعے مسائل کے حل کی حمایت جاری رکھے گا وزیر اعظم نے اجلاس میں متعلقہ حکام کو ہدایت کی کہ عوامی ریلیف کے منصوبوں پر تیزی سے عملدرآمد یقینی بنایا جائے جبکہ صوبائی حکومتوں کے ساتھ رابطہ مزید مؤثر بنایا جائے گا اس موقع پر وفاقی وزرا اور اعلیٰ حکام بھی موجود تھے اور انہوں نے بریفنگ دی کہ معاشی اشاریے بہتری کی جانب گامزن ہیں مہنگائی کی شرح میں کمی آئی ہے اور برآمدات میں اضافہ ہوا ہے ذرائع کے مطابق آئندہ بجٹ میں تنخواہ دار طبقے کو ریلیف دینے کی تجاویز زیر غور ہیں
بقیہ جات
31
کہنا تھا کہ پاکستان نے ہمیشہ خطے میں امن و استحکام کے لیے کردار ادا کیا ہے اور آئندہ بھی مذاکرات کے ذریعے مسائل کے حل کی حمایت جاری رکھے گا وزیر اعظم نے اجلاس میں متعلقہ حکام کو ہدایت کی کہ عوامی ریلیف کے منصوبوں پر تیزی سے عملدرآمد یقینی بنایا جائے جبکہ صوبائی حکومتوں کے ساتھ رابطہ مزید مؤثر بنایا جائے گا اس موقع پر وفاقی وزرا اور اعلیٰ حکام بھی موجود تھے اور انہوں نے بریفنگ دی کہ معاشی اشاریے بہتری کی جانب گامزن ہیں مہنگائی کی شرح میں کمی آئی ہے اور برآمدات میں اضافہ ہوا ہے ذرائع کے مطابق آئندہ بجٹ میں تنخواہ دار طبقے کو ریلیف دینے کی تجاویز زیر غور ہیں
کہنا تھا کہ پاکستان نے ہمیشہ خطے میں امن و استحکام کے لیے کردار ادا کیا ہے اور آئندہ بھی مذاکرات کے ذریعے مسائل کے حل کی حمایت جاری رکھے گا وزیر اعظم نے اجلاس میں متعلقہ حکام کو ہدایت کی کہ عوامی ریلیف کے منصوبوں پر تیزی سے عملدرآمد یقینی بنایا جائے جبکہ صوبائی حکومتوں کے ساتھ رابطہ مزید مؤثر بنایا جائے گا اس موقع پر وفاقی وزرا اور اعلیٰ حکام بھی موجود تھے اور انہوں نے بریفنگ دی کہ معاشی اشاریے بہتری کی جانب گامزن ہیں مہنگائی کی شرح میں کمی آئی ہے اور برآمدات میں اضافہ ہوا ہے ذرائع کے مطابق آئندہ بجٹ میں تنخواہ دار طبقے کو ریلیف دینے کی تجاویز زیر غور ہیں
بقیہ جات
32
کہنا تھا کہ پاکستان نے ہمیشہ خطے میں امن و استحکام کے لیے کردار ادا کیا ہے اور آئندہ بھی مذاکرات کے ذریعے مسائل کے حل کی حمایت جاری رکھے گا وزیر اعظم نے اجلاس میں متعلقہ حکام کو ہدایت کی کہ عوامی ریلیف کے منصوبوں پر تیزی سے عملدرآمد یقینی بنایا جائے جبکہ صوبائی حکومتوں کے ساتھ رابطہ مزید مؤثر بنایا جائے گا اس موقع پر وفاقی وزرا اور اعلیٰ حکام بھی موجود تھے اور انہوں نے بریفنگ دی کہ معاشی اشاریے بہتری کی جانب گامزن ہیں مہنگائی کی شرح میں کمی آئی ہے اور برآمدات میں اضافہ ہوا ہے ذرائع کے مطابق آئندہ بجٹ میں تنخواہ دار طبقے کو ریلیف دینے کی تجاویز زیر غور ہیں
کہنا تھا کہ پاکستان نے ہمیشہ خطے میں امن و استحکام کے لیے کردار ادا کیا ہے اور آئندہ بھی مذاکرات کے ذریعے مسائل کے حل کی حمایت جاری رکھے گا وزیر اعظم نے اجلاس میں متعلقہ حکام کو ہدایت کی کہ عوامی ریلیف کے منصوبوں پر تیزی سے عملدرآمد یقینی بنایا جائے جبکہ صوبائی حکومتوں کے ساتھ رابطہ مزید مؤثر بنایا جائے گا اس موقع پر وفاقی وزرا اور اعلیٰ حکام بھی موجود تھے اور انہوں نے بریفنگ دی کہ معاشی اشاریے بہتری کی جانب گامزن ہیں مہنگائی کی شرح میں کمی آئی ہے اور برآمدات میں اضافہ ہوا ہے ذرائع کے مطابق آئندہ بجٹ میں تنخواہ دار طبقے کو ریلیف دینے کی تجاویز زیر غور ہیں
بقیہ جات
3
کہنا تھا کہ پاکستان نے ہمیشہ خطے میں امن و استحکام کے لیے کردار ادا کیا ہے اور آئندہ بھی مذاکرات کے ذریعے مسائل کے حل کی حمایت جاری رکھے گا وزیر اعظم نے اجلاس میں متعلقہ حکام کو ہدایت کی کہ عوامی ریلیف کے منصوبوں پر تیزی سے عملدرآمد یقینی بنایا جائے جبکہ صوبائی حکومتوں کے ساتھ رابطہ مزید مؤثر بنایا جائے گا اس موقع پر وفاقی وزرا اور اعلیٰ حکام بھی موجود تھے اور انہوں نے بریفنگ دی کہ معاشی اشاریے بہتری کی جانب گامزن ہیں مہنگائی کی شرح میں کمی آئی ہے اور برآمدات میں اضافہ ہوا ہے ذرائع کے مطابق آئندہ بجٹ میں تنخواہ دار طبقے کو ریلیف دینے کی تجاویز زیر غور ہیں
بعدالت محترمہ سعدیہ انیس صاحبہ سول جج
گارڈین کورٹ گوجر خان ضلع راولپنڈی
ہرگاہ مقدمہ عنوانی بالا میں بذریعہ اشتہار تعمیل مقرر ہے تاریخ پیشی 21 اپریل 2026 بوقت 08 بجے
اطلاع عام
1988/16
بعدالت جناب چوہدری جاوید عباس
صاحب نائب تحصیلدار اسسٹنٹ کلکٹر
درجہ دوم تحصیل گوجر خان ضلع راولپنڈی
خسرہ نمبر 328 بمطابق رجسٹر حقداران زمین مقدمہ تقسیم اراضی
2026/21/4
بعدالت جناب محمد عدنان شبیر گیانی
صاحب نائب تحصیلدار/ اسسٹنٹ ریونیو
آفیسر اسسٹنٹ کلکٹر درجہ دوم گوجر خان ضلع راولپنڈی
بذریعہ اشتہار ہذا مطلع کیا جاتا ہے کہ بتاریخ 16 اپریل 2026 حاضر عدالت ہوں
16/4/2026
بعدالت جناب مدثر حسن
صاحب سول جج چکوال
تاریخ پیشی 23-04-2026 مقرر ہے بصورت دیگر کارروائی یکطرفہ عمل میں لائی جائے گی
23-04-2026
بعدالت جناب لبنیٰ ضمیر
صاحبہ سول جج چکوال
اشتہار زیر آرڈر 5 رول 20 ضابطہ دیوانی تاریخ پیشی 29-04-2026
29-04-2026
بعدالت جناب تحصیلدار
ADLR/صاحب چکوال
انتقال وراثت بنام ورثاء مقدمہ تصدیق ریکارڈ مال
اشتہارات برائے گمشدگی دستاویزات
BQB-965/2007
اطلاع عام
میرا قومی شناختی کارڈ گم ہو گیا ہے جس کا نمبر درج ذیل ہے ملنے پر رابطہ کریں
04/02/2026 (Phulgaran) PHG-2/5/2026-181 13101-4841132-5 (03115859729)
